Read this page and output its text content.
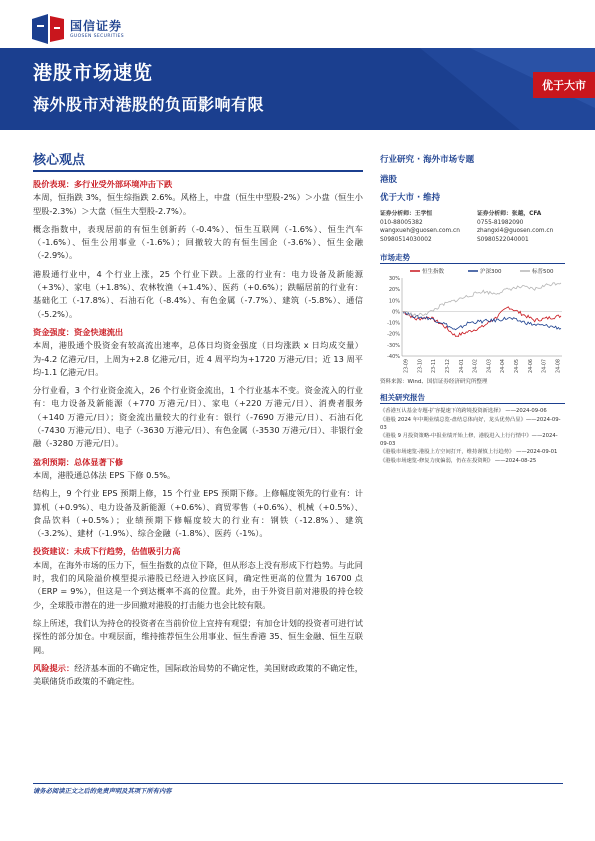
国信证券
GUOSEN SECURITIES
港股市场速览
海外股市对港股的负面影响有限
优于大市
核心观点
股价表现：多行业受外部环境冲击下跌
本周，恒指跌 3%，恒生综指跌 2.6%。风格上，中盘（恒生中型股-2%）＞小盘（恒生小型股-2.3%）＞大盘（恒生大型股-2.7%）。
概念指数中，表现居前的有恒生创新药（-0.4%）、恒生互联网（-1.6%）、恒生汽车（-1.6%）、恒生公用事业（-1.6%）；回撤较大的有恒生国企（-3.6%）、恒生金融（-2.9%）。
港股通行业中，4 个行业上涨，25 个行业下跌。上涨的行业有：电力设备及新能源（+3%）、家电（+1.8%）、农林牧渔（+1.4%）、医药（+0.6%）；跌幅居前的行业有：基础化工（-17.8%）、石油石化（-8.4%）、有色金属（-7.7%）、建筑（-5.8%）、通信（-5.2%）。
资金强度：资金快速流出
本周，港股通个股资金有较高流出速率，总体日均资金强度（日均涨跌 x 日均成交量）为-4.2 亿港元/日，上周为+2.8 亿港元/日，近 4 周平均为+1720 万港元/日；近 13 周平均-1.1 亿港元/日。
分行业看，3 个行业资金流入，26 个行业资金流出，1 个行业基本不变。资金流入的行业有：电力设备及新能源（+770 万港元/日）、家电（+220 万港元/日）、消费者服务（+140 万港元/日）；资金流出量较大的行业有：银行（-7690 万港元/日）、石油石化（-7430 万港元/日）、电子（-3630 万港元/日）、有色金属（-3530 万港元/日）、非银行金融（-3280 万港元/日）。
盈利预期：总体显著下修
本周，港股通总体法 EPS 下修 0.5%。
结构上，9 个行业 EPS 预期上修，15 个行业 EPS 预期下修。上修幅度领先的行业有：计算机（+0.9%）、电力设备及新能源（+0.6%）、商贸零售（+0.6%）、机械（+0.5%）、食品饮料（+0.5%）；业绩预期下修幅度较大的行业有：钢铁（-12.8%）、建筑（-3.2%）、建材（-1.9%）、综合金融（-1.8%）、医药（-1%）。
投资建议：未成下行趋势，估值吸引力高
本周，在海外市场的压力下，恒生指数的点位下降，但从形态上没有形成下行趋势。与此同时，我们的风险溢价模型提示港股已经进入抄底区间，确定性更高的位置为 16700 点（ERP = 9%），但这是一个到达概率不高的位置。此外，由于外资目前对港股的持仓较少，全球股市潜在的进一步回撤对港股的打击能力也会比较有限。
综上所述，我们认为持仓的投资者在当前价位上宜持有观望；有加仓计划的投资者可进行试探性的部分加仓。中观层面，维持推荐恒生公用事业、恒生香港 35、恒生金融、恒生互联网。
风险提示：经济基本面的不确定性，国际政治局势的不确定性，美国财政政策的不确定性，美联储货币政策的不确定性。
行业研究 · 海外市场专题
港股
优于大市 · 维持
证券分析师：王学恒
010-88005382
wangxueh@guosen.com.cn
S0980514030002
证券分析师：张越，CFA
0755-81982090
zhangxi4@guosen.com.cn
S0980522040001
市场走势
恒生指数	沪深300	标普500
30%
20%
10%
0%
-10%
-20%
-30%
-40%
23-09 23-10 23-11 23-12 24-01 24-02 24-03 24-04 24-05 24-06 24-07 24-08
资料来源：Wind、国信证券经济研究所整理
相关研究报告
《香港互认基金专题-扩容提速下的跨境投资新选择》 ——2024-09-06
《港股 2024 年中期业绩总览-盘结总体向好，龙头优势凸显》——2024-09-03
《港股 9 月投资策略-中报业绩开始上修，港股进入上行行情中》——2024-09-03
《港股市场速览-港股上方空间打开，维持谨慎上行趋势》 ——2024-09-01
《港股市场速览-修复力度偏弱，仍在在投资期》 ——2024-08-25
请务必阅读正文之后的免责声明及其项下所有内容
